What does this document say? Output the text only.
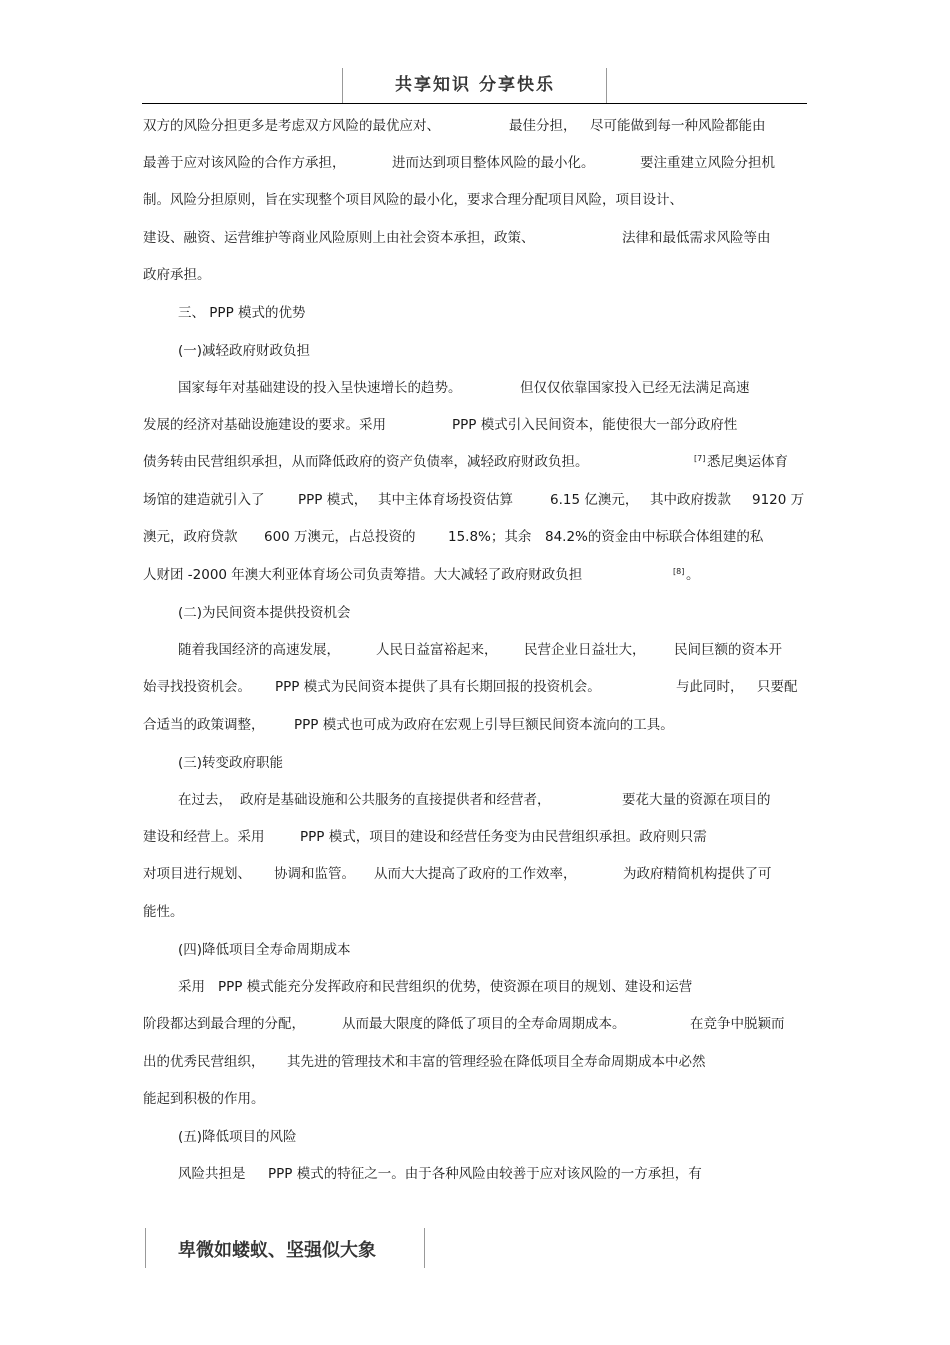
共享知识 分享快乐
双方的风险分担更多是考虑双方风险的最优应对、	最佳分担， 尽可能做到每一种风险都能由
最善于应对该风险的合作方承担，	进而达到项目整体风险的最小化。	要注重建立风险分担机
制。风险分担原则，旨在实现整个项目风险的最小化，要求合理分配项目风险，项目设计、
建设、融资、运营维护等商业风险原则上由社会资本承担，政策、	法律和最低需求风险等由
政府承担。
三、 PPP 模式的优势
(一)减轻政府财政负担
国家每年对基础建设的投入呈快速增长的趋势。	但仅仅依靠国家投入已经无法满足高速
发展的经济对基础设施建设的要求。采用	PPP 模式引入民间资本，能使很大一部分政府性
债务转由民营组织承担，从而降低政府的资产负债率，减轻政府财政负担。	悉尼奥运体育
场馆的建造就引入了 PPP 模式， 其中主体育场投资估算	6.15 亿澳元， 其中政府拨款 9120 万
澳元，政府贷款 600 万澳元，占总投资的 15.8%；其余 84.2%的资金由中标联合体组建的私
人财团 -2000 年澳大利亚体育场公司负责筹措。大大减轻了政府财政负担	。
(二)为民间资本提供投资机会
随着我国经济的高速发展，	人民日益富裕起来， 民营企业日益壮大， 民间巨额的资本开
始寻找投资机会。 PPP 模式为民间资本提供了具有长期回报的投资机会。	与此同时， 只要配
合适当的政策调整， PPP 模式也可成为政府在宏观上引导巨额民间资本流向的工具。
(三)转变政府职能
在过去， 政府是基础设施和公共服务的直接提供者和经营者，	要花大量的资源在项目的
建设和经营上。采用	PPP 模式，项目的建设和经营任务变为由民营组织承担。政府则只需
对项目进行规划、 协调和监管。 从而大大提高了政府的工作效率，	为政府精简机构提供了可
能性。
(四)降低项目全寿命周期成本
采用 PPP 模式能充分发挥政府和民营组织的优势，使资源在项目的规划、建设和运营
阶段都达到最合理的分配，	从而最大限度的降低了项目的全寿命周期成本。	在竞争中脱颖而
出的优秀民营组织， 其先进的管理技术和丰富的管理经验在降低项目全寿命周期成本中必然
能起到积极的作用。
(五)降低项目的风险
风险共担是 PPP 模式的特征之一。由于各种风险由较善于应对该风险的一方承担，有
[7]
[8]
卑微如蝼蚁、坚强似大象
